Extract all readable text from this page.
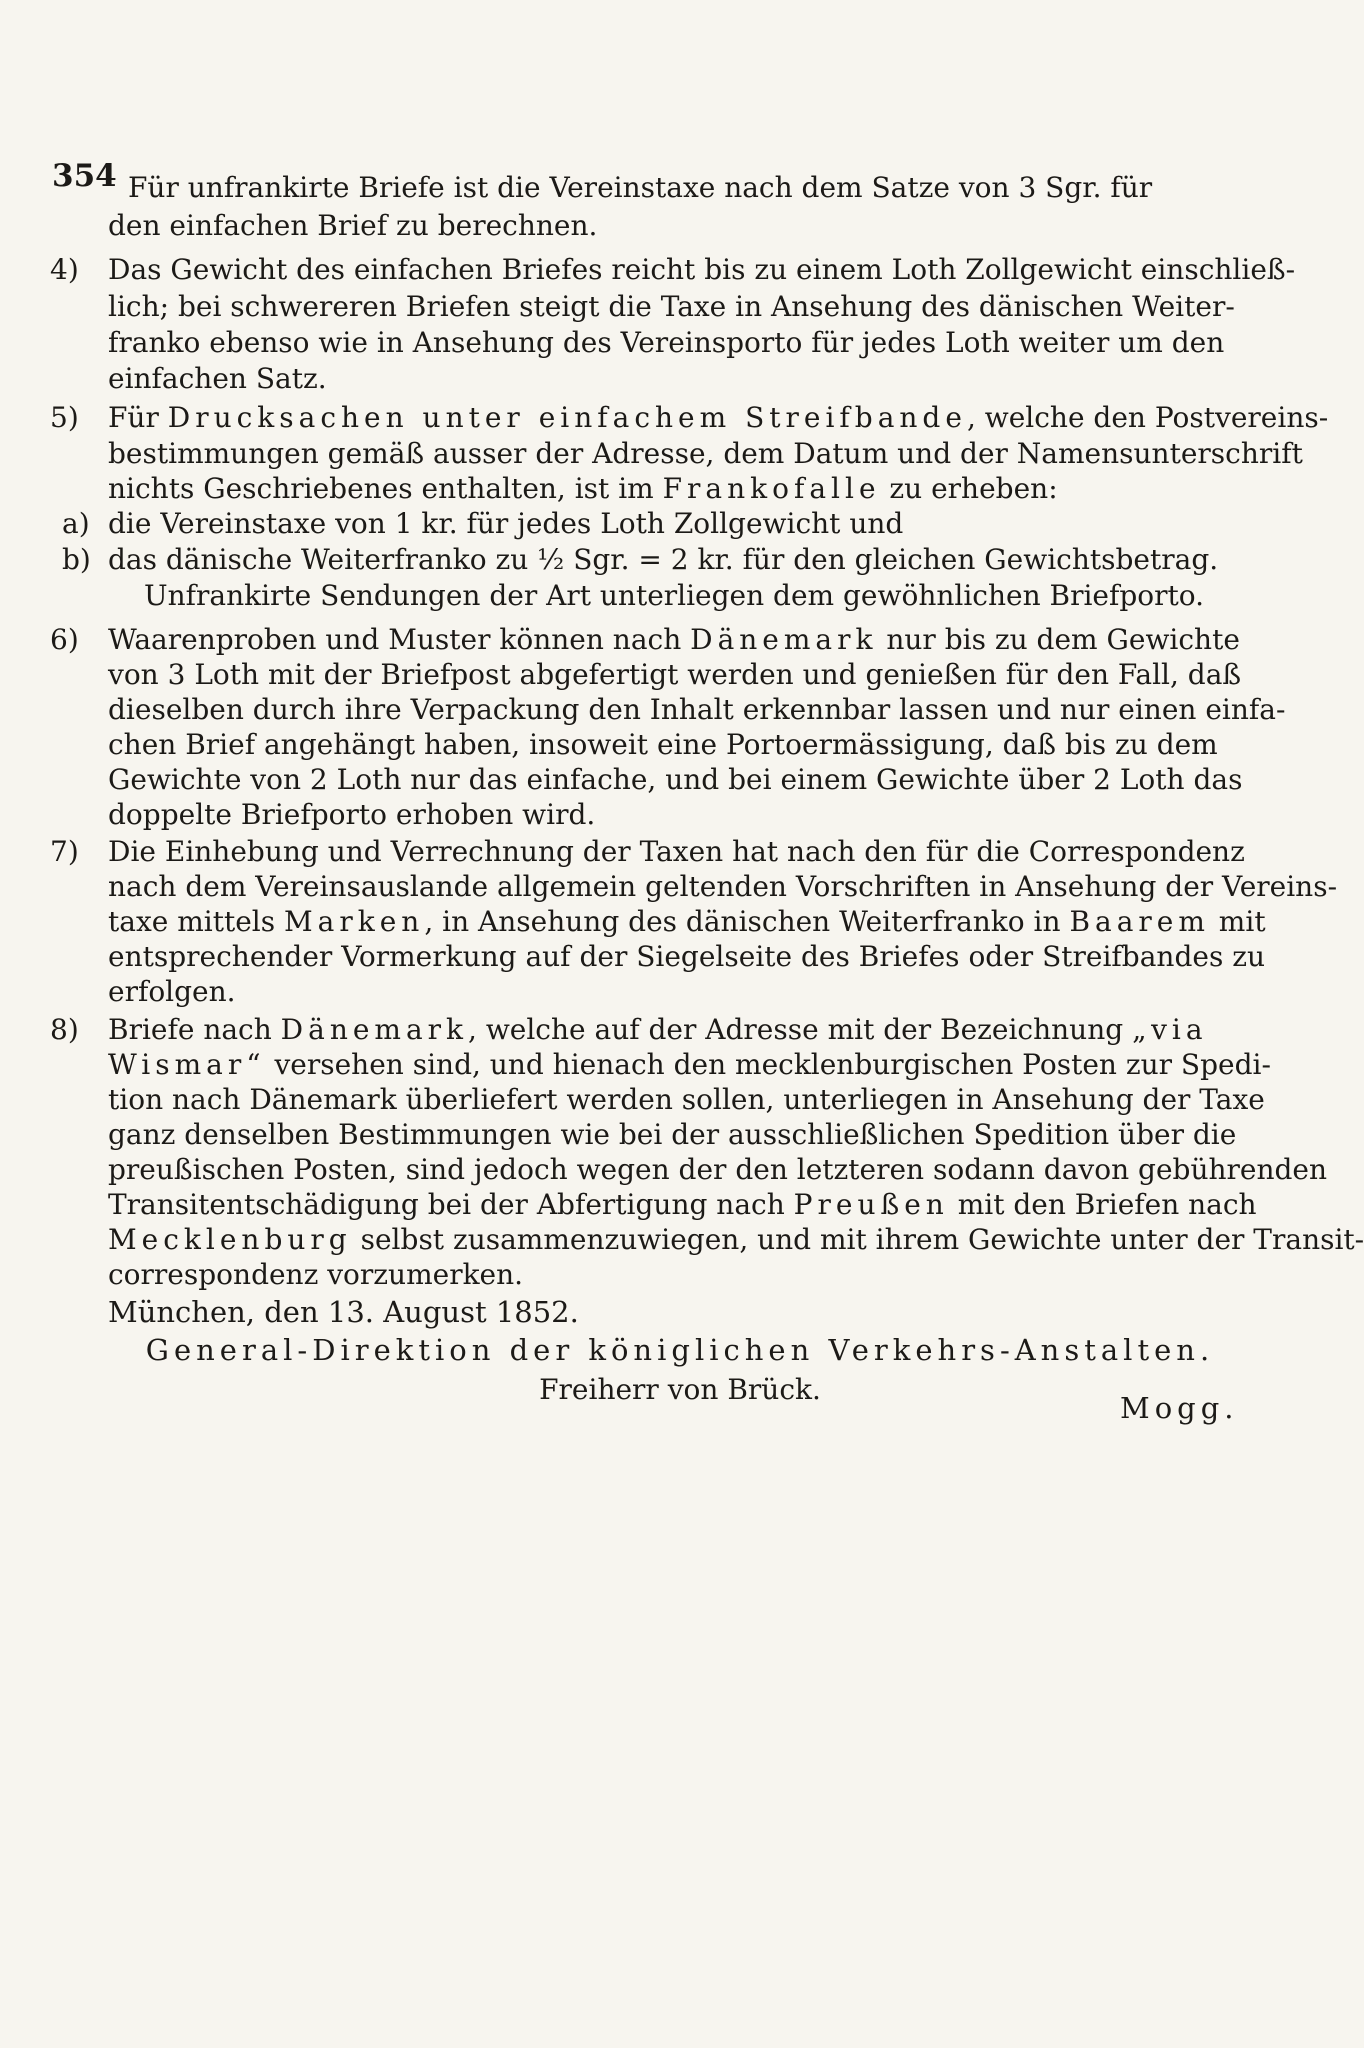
354 Für unfrankirte Briefe ist die Vereinstaxe nach dem Satze von 3 Sgr. für
den einfachen Brief zu berechnen.
4) Das Gewicht des einfachen Briefes reicht bis zu einem Loth Zollgewicht einschließ-
lich; bei schwereren Briefen steigt die Taxe in Ansehung des dänischen Weiter-
franko ebenso wie in Ansehung des Vereinsporto für jedes Loth weiter um den
einfachen Satz.
5) Für Drucksachen unter einfachem Streifbande, welche den Postvereins-
bestimmungen gemäß ausser der Adresse, dem Datum und der Namensunterschrift
nichts Geschriebenes enthalten, ist im Frankofalle zu erheben:
a) die Vereinstaxe von 1 kr. für jedes Loth Zollgewicht und
b) das dänische Weiterfranko zu ½ Sgr. = 2 kr. für den gleichen Gewichtsbetrag.
Unfrankirte Sendungen der Art unterliegen dem gewöhnlichen Briefporto.
6) Waarenproben und Muster können nach Dänemark nur bis zu dem Gewichte
von 3 Loth mit der Briefpost abgefertigt werden und genießen für den Fall, daß
dieselben durch ihre Verpackung den Inhalt erkennbar lassen und nur einen einfa-
chen Brief angehängt haben, insoweit eine Portoermässigung, daß bis zu dem
Gewichte von 2 Loth nur das einfache, und bei einem Gewichte über 2 Loth das
doppelte Briefporto erhoben wird.
7) Die Einhebung und Verrechnung der Taxen hat nach den für die Correspondenz
nach dem Vereinsauslande allgemein geltenden Vorschriften in Ansehung der Vereins-
taxe mittels Marken, in Ansehung des dänischen Weiterfranko in Baarem mit
entsprechender Vormerkung auf der Siegelseite des Briefes oder Streifbandes zu
erfolgen.
8) Briefe nach Dänemark, welche auf der Adresse mit der Bezeichnung „via
Wismar“ versehen sind, und hienach den mecklenburgischen Posten zur Spedi-
tion nach Dänemark überliefert werden sollen, unterliegen in Ansehung der Taxe
ganz denselben Bestimmungen wie bei der ausschließlichen Spedition über die
preußischen Posten, sind jedoch wegen der den letzteren sodann davon gebührenden
Transitentschädigung bei der Abfertigung nach Preußen mit den Briefen nach
Mecklenburg selbst zusammenzuwiegen, und mit ihrem Gewichte unter der Transit-
correspondenz vorzumerken.
München, den 13. August 1852.
General-Direktion der königlichen Verkehrs-Anstalten.
Freiherr von Brück.
Mogg.
